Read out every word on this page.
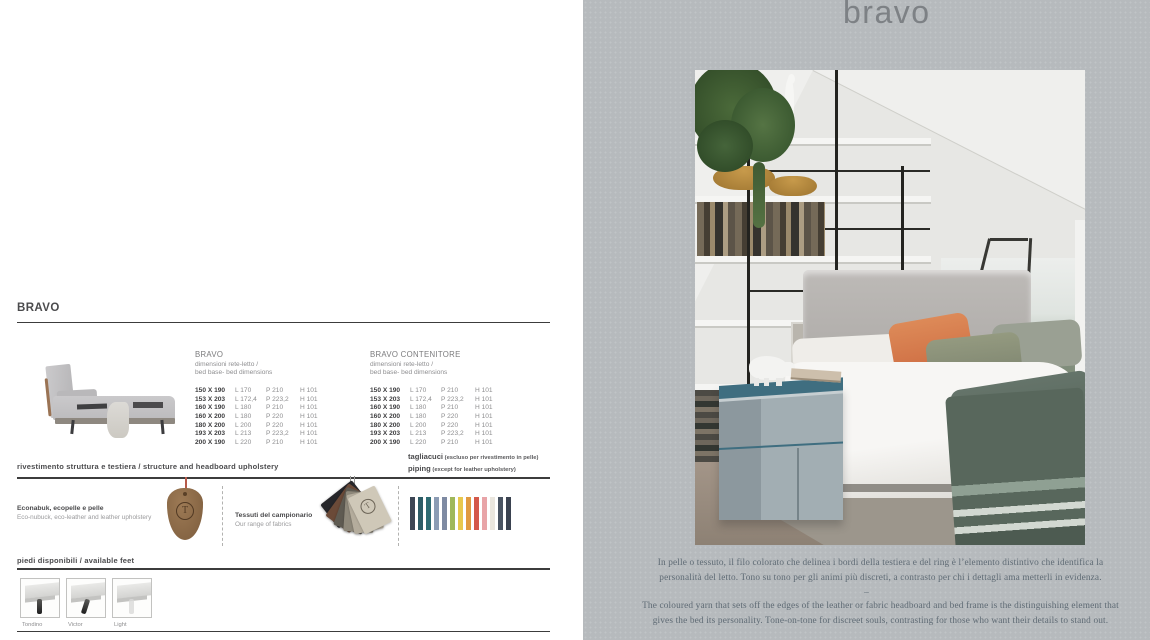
BRAVO
BRAVO
dimensioni rete-letto /
bed base- bed dimensions
150 X 190	L 170	P 210	H 101
153 X 203	L 172,4	P 223,2	H 101
160 X 190	L 180	P 210	H 101
160 X 200	L 180	P 220	H 101
180 X 200	L 200	P 220	H 101
193 X 203	L 213	P 223,2	H 101
200 X 190	L 220	P 210	H 101
BRAVO CONTENITORE
dimensioni rete-letto /
bed base- bed dimensions
150 X 190	L 170	P 210	H 101
153 X 203	L 172,4	P 223,2	H 101
160 X 190	L 180	P 210	H 101
160 X 200	L 180	P 220	H 101
180 X 200	L 200	P 220	H 101
193 X 203	L 213	P 223,2	H 101
200 X 190	L 220	P 210	H 101
rivestimento struttura e testiera / structure and headboard upholstery
tagliacuci (escluso per rivestimento in pelle)
piping (except for leather upholstery)
Econabuk, ecopelle e pelle
Eco-nubuck, eco-leather and leather upholstery
T	Tessuti del campionario
Our range of fabrics
T
piedi disponibili / available feet
Tondino	Victor	Light
bravo
In pelle o tessuto, il filo colorato che delinea i bordi della testiera e del ring è l’elemento distintivo che identifica la personalità del letto. Tono su tono per gli animi più discreti, a contrasto per chi i dettagli ama metterli in evidenza.
–
The coloured yarn that sets off the edges of the leather or fabric headboard and bed frame is the distinguishing element that gives the bed its personality. Tone-on-tone for discreet souls, contrasting for those who want their details to stand out.
